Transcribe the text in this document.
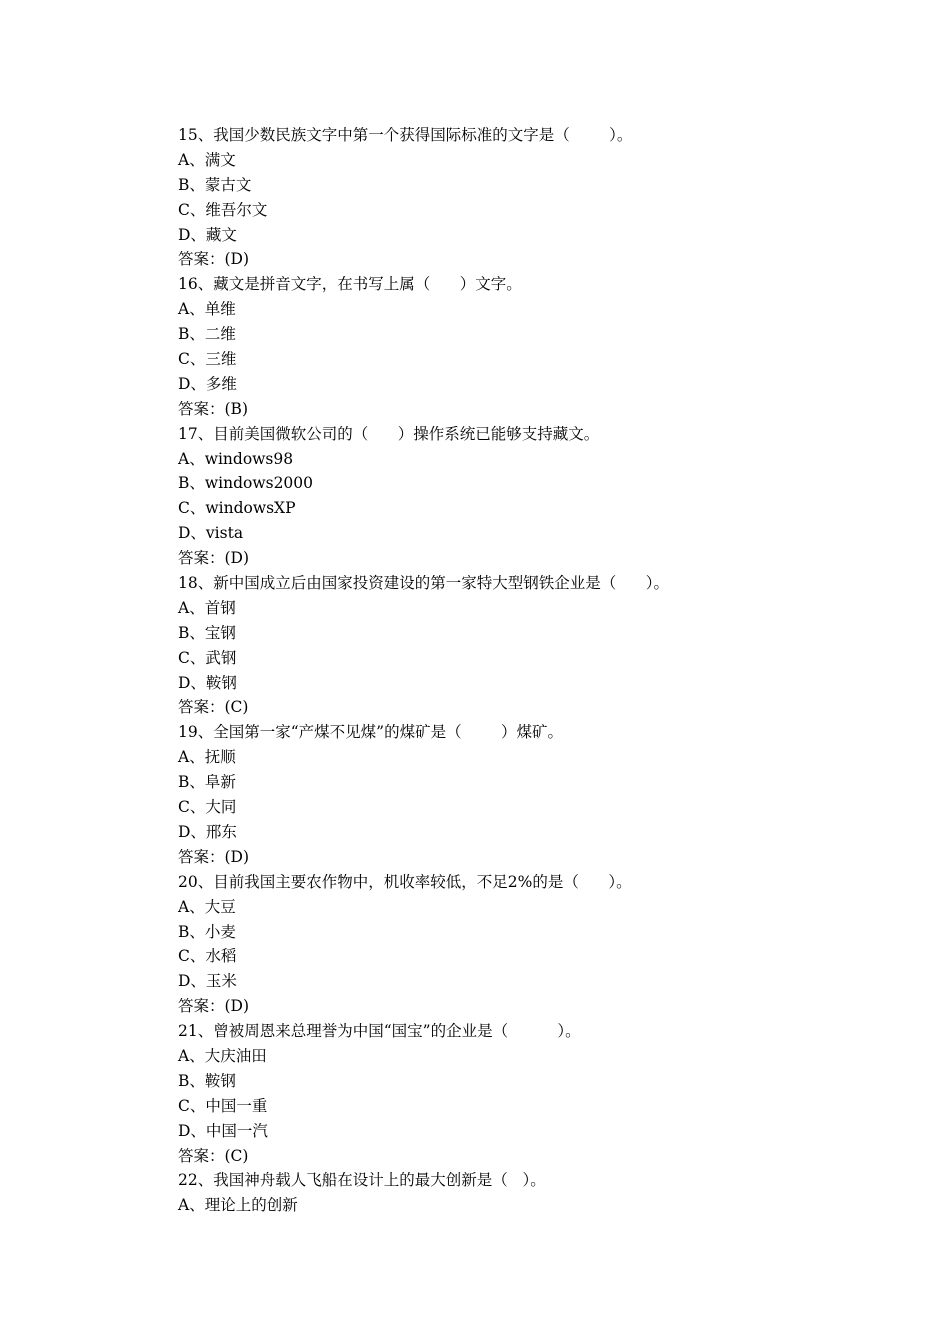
15、我国少数民族文字中第一个获得国际标准的文字是（        ）。
A、满文
B、蒙古文
C、维吾尔文
D、藏文
答案：(D)
16、藏文是拼音文字，在书写上属（      ）文字。
A、单维
B、二维
C、三维
D、多维
答案：(B)
17、目前美国微软公司的（      ）操作系统已能够支持藏文。
A、windows98
B、windows2000
C、windowsXP
D、vista
答案：(D)
18、新中国成立后由国家投资建设的第一家特大型钢铁企业是（      ）。
A、首钢
B、宝钢
C、武钢
D、鞍钢
答案：(C)
19、全国第一家“产煤不见煤”的煤矿是（        ）煤矿。
A、抚顺
B、阜新
C、大同
D、邢东
答案：(D)
20、目前我国主要农作物中，机收率较低，不足2%的是（      ）。
A、大豆
B、小麦
C、水稻
D、玉米
答案：(D)
21、曾被周恩来总理誉为中国“国宝”的企业是（          ）。
A、大庆油田
B、鞍钢
C、中国一重
D、中国一汽
答案：(C)
22、我国神舟载人飞船在设计上的最大创新是（   ）。
A、理论上的创新
